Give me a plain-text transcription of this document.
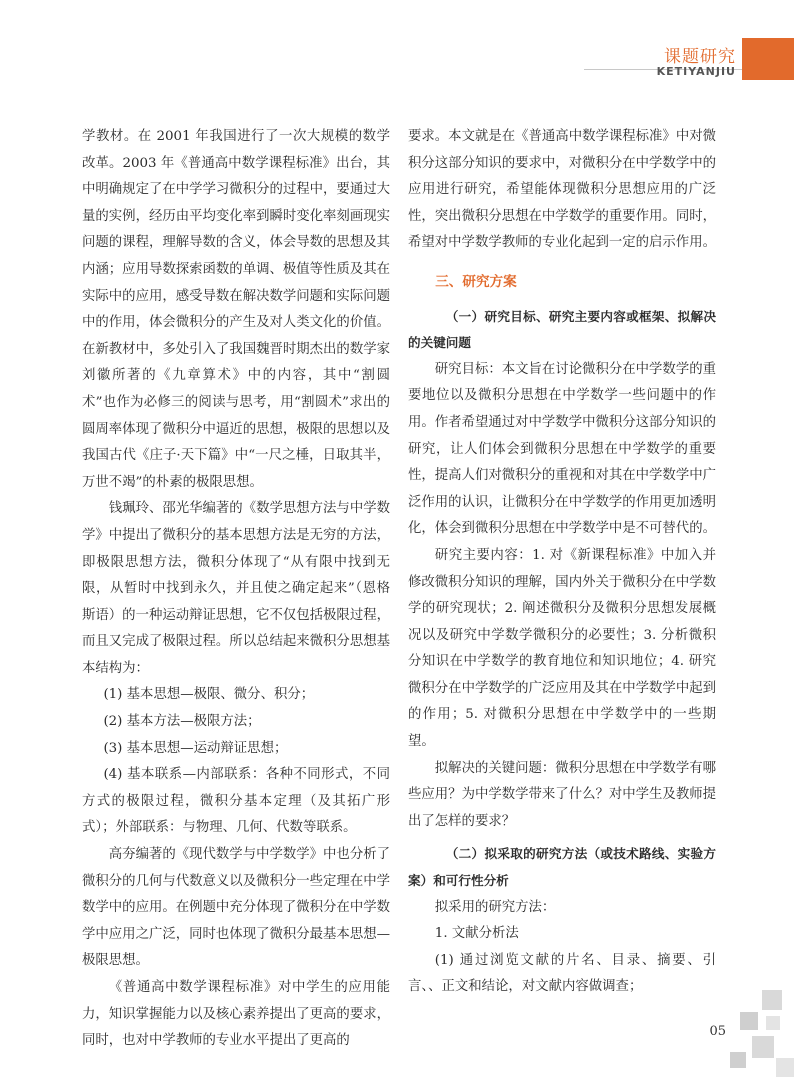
课题研究
KETIYANJIU

学教材。在 2001 年我国进行了一次大规模的数学改革。2003 年《普通高中数学课程标准》出台，其中明确规定了在中学学习微积分的过程中，要通过大量的实例，经历由平均变化率到瞬时变化率刻画现实问题的课程，理解导数的含义，体会导数的思想及其内涵；应用导数探索函数的单调、极值等性质及其在实际中的应用，感受导数在解决数学问题和实际问题中的作用，体会微积分的产生及对人类文化的价值。在新教材中，多处引入了我国魏晋时期杰出的数学家刘徽所著的《九章算术》中的内容，其中“割圆术”也作为必修三的阅读与思考，用“割圆术”求出的圆周率体现了微积分中逼近的思想，极限的思想以及我国古代《庄子·天下篇》中“一尺之棰，日取其半，万世不竭”的朴素的极限思想。

钱珮玲、邵光华编著的《数学思想方法与中学数学》中提出了微积分的基本思想方法是无穷的方法，即极限思想方法，微积分体现了“从有限中找到无限，从暂时中找到永久，并且使之确定起来”（恩格斯语）的一种运动辩证思想，它不仅包括极限过程，而且又完成了极限过程。所以总结起来微积分思想基本结构为：

(1) 基本思想—极限、微分、积分；

(2) 基本方法—极限方法；

(3) 基本思想—运动辩证思想；

(4) 基本联系—内部联系：各种不同形式，不同方式的极限过程，微积分基本定理（及其拓广形式）；外部联系：与物理、几何、代数等联系。

高夯编著的《现代数学与中学数学》中也分析了微积分的几何与代数意义以及微积分一些定理在中学数学中的应用。在例题中充分体现了微积分在中学数学中应用之广泛，同时也体现了微积分最基本思想—极限思想。

《普通高中数学课程标准》对中学生的应用能力，知识掌握能力以及核心素养提出了更高的要求，同时，也对中学教师的专业水平提出了更高的

要求。本文就是在《普通高中数学课程标准》中对微积分这部分知识的要求中，对微积分在中学数学中的应用进行研究，希望能体现微积分思想应用的广泛性，突出微积分思想在中学数学的重要作用。同时，希望对中学数学教师的专业化起到一定的启示作用。

三、研究方案

（一）研究目标、研究主要内容或框架、拟解决的关键问题

研究目标：本文旨在讨论微积分在中学数学的重要地位以及微积分思想在中学数学一些问题中的作用。作者希望通过对中学数学中微积分这部分知识的研究，让人们体会到微积分思想在中学数学的重要性，提高人们对微积分的重视和对其在中学数学中广泛作用的认识，让微积分在中学数学的作用更加透明化，体会到微积分思想在中学数学中是不可替代的。

研究主要内容：1. 对《新课程标准》中加入并修改微积分知识的理解，国内外关于微积分在中学数学的研究现状；2. 阐述微积分及微积分思想发展概况以及研究中学数学微积分的必要性；3. 分析微积分知识在中学数学的教育地位和知识地位；4. 研究微积分在中学数学的广泛应用及其在中学数学中起到的作用；5. 对微积分思想在中学数学中的一些期望。

拟解决的关键问题：微积分思想在中学数学有哪些应用？为中学数学带来了什么？对中学生及教师提出了怎样的要求？

（二）拟采取的研究方法（或技术路线、实验方案）和可行性分析

拟采用的研究方法：

1. 文献分析法

(1) 通过浏览文献的片名、目录、摘要、引言、、正文和结论，对文献内容做调查；

05
